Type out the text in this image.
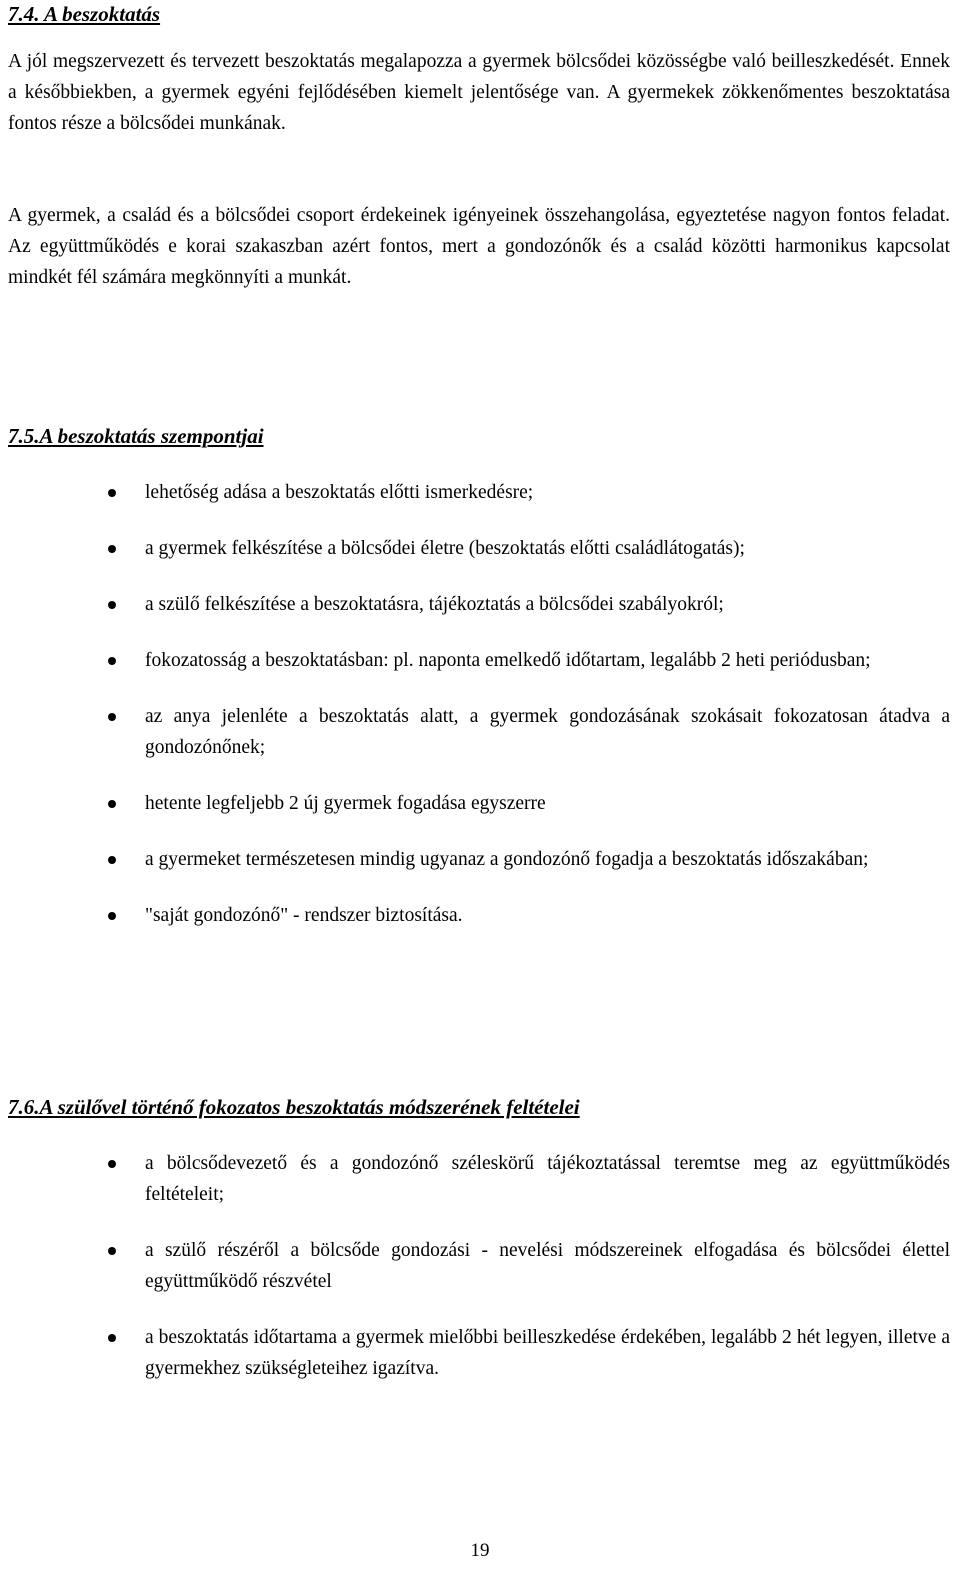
7.4. A beszoktatás

A jól megszervezett és tervezett beszoktatás megalapozza a gyermek bölcsődei közösségbe való beilleszkedését. Ennek a későbbiekben, a gyermek egyéni fejlődésében kiemelt jelentősége van. A gyermekek zökkenőmentes beszoktatása fontos része a bölcsődei munkának.

A gyermek, a család és a bölcsődei csoport érdekeinek igényeinek összehangolása, egyeztetése nagyon fontos feladat. Az együttműködés e korai szakaszban azért fontos, mert a gondozónők és a család közötti harmonikus kapcsolat mindkét fél számára megkönnyíti a munkát.

7.5.A beszoktatás szempontjai
lehetőség adása a beszoktatás előtti ismerkedésre;
a gyermek felkészítése a bölcsődei életre (beszoktatás előtti családlátogatás);
a szülő felkészítése a beszoktatásra, tájékoztatás a bölcsődei szabályokról;
fokozatosság a beszoktatásban: pl. naponta emelkedő időtartam, legalább 2 heti periódusban;
az anya jelenléte a beszoktatás alatt, a gyermek gondozásának szokásait fokozatosan átadva a gondozónőnek;
hetente legfeljebb 2 új gyermek fogadása egyszerre
a gyermeket természetesen mindig ugyanaz a gondozónő fogadja a beszoktatás időszakában;
"saját gondozónő" - rendszer biztosítása.
7.6.A szülővel történő fokozatos beszoktatás módszerének feltételei
a bölcsődevezető és a gondozónő széleskörű tájékoztatással teremtse meg az együttműködés feltételeit;
a szülő részéről a bölcsőde gondozási - nevelési módszereinek elfogadása és bölcsődei élettel együttműködő részvétel
a beszoktatás időtartama a gyermek mielőbbi beilleszkedése érdekében, legalább 2 hét legyen, illetve a gyermekhez szükségleteihez igazítva.

19
